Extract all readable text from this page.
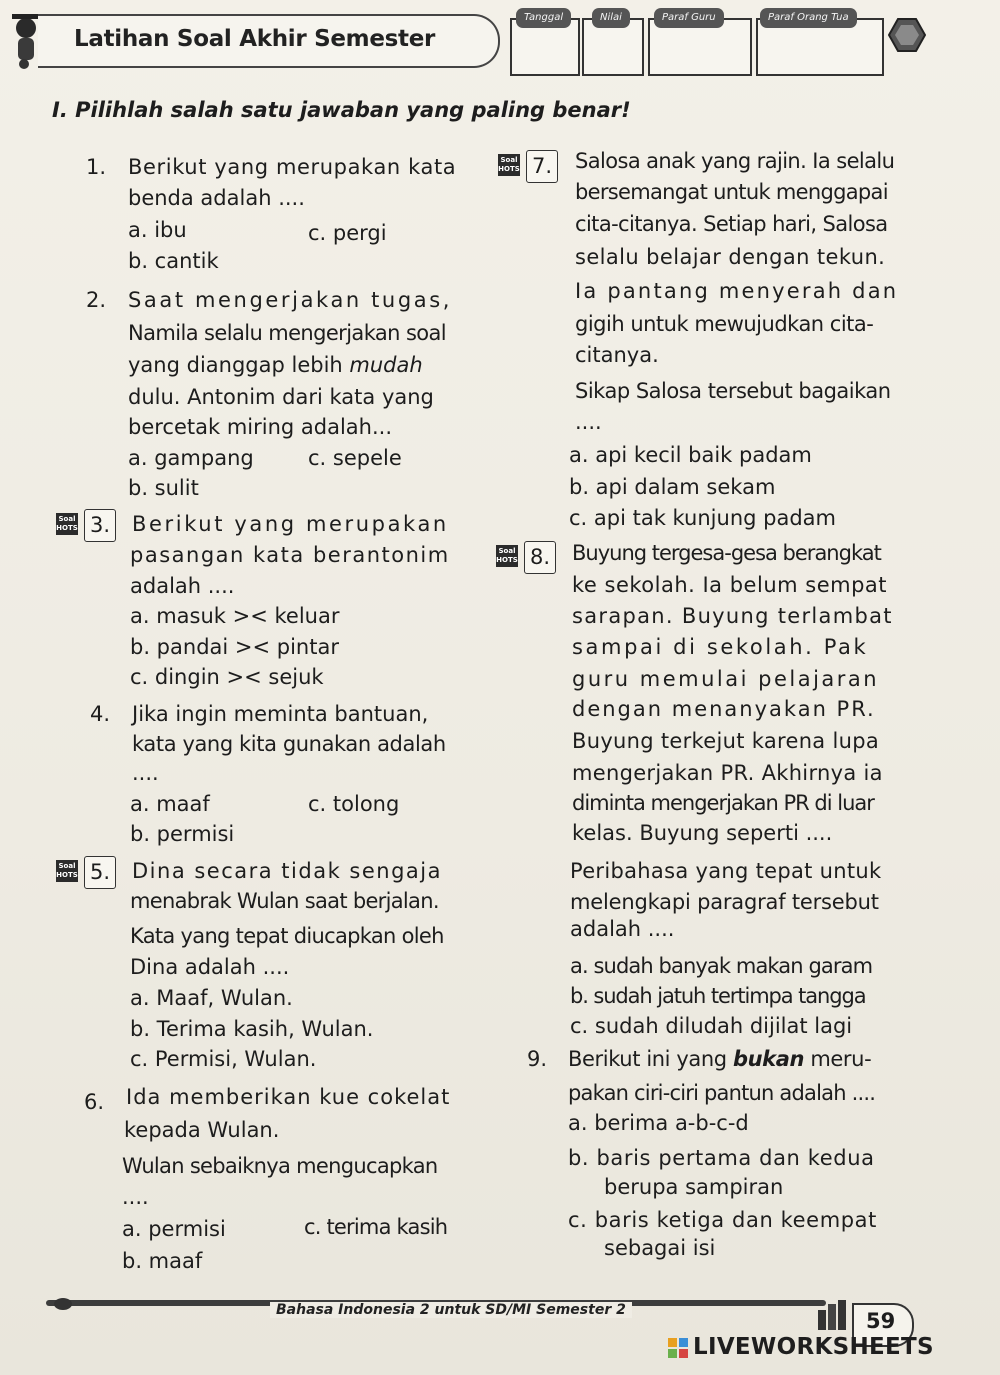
Latihan Soal Akhir Semester
Tanggal	Nilai	Paraf Guru	Paraf Orang Tua
I. Pilihlah salah satu jawaban yang paling benar!
1. Berikut yang merupakan kata
benda adalah ....
a. ibu	c. pergi
b. cantik
2. Saat mengerjakan tugas,
Namila selalu mengerjakan soal
yang dianggap lebih mudah
dulu. Antonim dari kata yang
bercetak miring adalah...
a. gampang	c. sepele
b. sulit
Soal
HOTS 3. Berikut yang merupakan
pasangan kata berantonim
adalah ....
a. masuk >< keluar
b. pandai >< pintar
c. dingin >< sejuk
4. Jika ingin meminta bantuan,
kata yang kita gunakan adalah
....
a. maaf	c. tolong
b. permisi
Soal
HOTS 5. Dina secara tidak sengaja
menabrak Wulan saat berjalan.
Kata yang tepat diucapkan oleh
Dina adalah ....
a. Maaf, Wulan.
b. Terima kasih, Wulan.
c. Permisi, Wulan.
6. Ida memberikan kue cokelat
kepada Wulan.
Wulan sebaiknya mengucapkan
....
a. permisi	c. terima kasih
b. maaf
Soal
HOTS 7. Salosa anak yang rajin. Ia selalu
bersemangat untuk menggapai
cita-citanya. Setiap hari, Salosa
selalu belajar dengan tekun.
Ia pantang menyerah dan
gigih untuk mewujudkan cita-
citanya.
Sikap Salosa tersebut bagaikan
....
a. api kecil baik padam
b. api dalam sekam
c. api tak kunjung padam
Soal
HOTS 8. Buyung tergesa-gesa berangkat
ke sekolah. Ia belum sempat
sarapan. Buyung terlambat
sampai di sekolah. Pak
guru memulai pelajaran
dengan menanyakan PR.
Buyung terkejut karena lupa
mengerjakan PR. Akhirnya ia
diminta mengerjakan PR di luar
kelas. Buyung seperti ....
Peribahasa yang tepat untuk
melengkapi paragraf tersebut
adalah ....
a. sudah banyak makan garam
b. sudah jatuh tertimpa tangga
c. sudah diludah dijilat lagi
9. Berikut ini yang bukan meru-
pakan ciri-ciri pantun adalah ....
a. berima a-b-c-d
b. baris pertama dan kedua
berupa sampiran
c. baris ketiga dan keempat
sebagai isi
Bahasa Indonesia 2 untuk SD/MI Semester 2	59
LIVEWORKSHEETS
